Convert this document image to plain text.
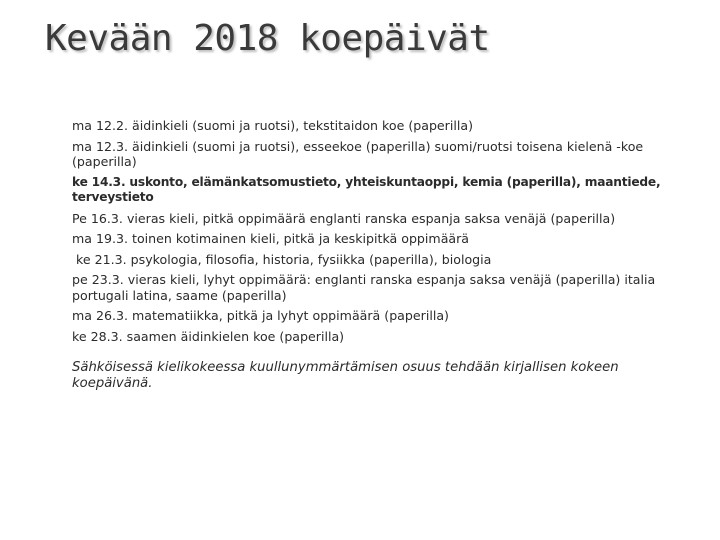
Kevään 2018 koepäivät
ma 12.2. äidinkieli (suomi ja ruotsi), tekstitaidon koe (paperilla)
ma 12.3. äidinkieli (suomi ja ruotsi), esseekoe (paperilla) suomi/ruotsi toisena kielenä -koe (paperilla)
ke 14.3. uskonto, elämänkatsomustieto, yhteiskuntaoppi, kemia (paperilla), maantiede, terveystieto
Pe 16.3. vieras kieli, pitkä oppimäärä englanti ranska espanja saksa venäjä (paperilla)
ma 19.3. toinen kotimainen kieli, pitkä ja keskipitkä oppimäärä
ke 21.3. psykologia, filosofia, historia, fysiikka (paperilla), biologia
pe 23.3. vieras kieli, lyhyt oppimäärä: englanti ranska espanja saksa venäjä (paperilla) italia portugali latina, saame (paperilla)
ma 26.3. matematiikka, pitkä ja lyhyt oppimäärä (paperilla)
ke 28.3. saamen äidinkielen koe (paperilla)
Sähköisessä kielikokeessa kuullunymmärtämisen osuus tehdään kirjallisen kokeen koepäivänä.
